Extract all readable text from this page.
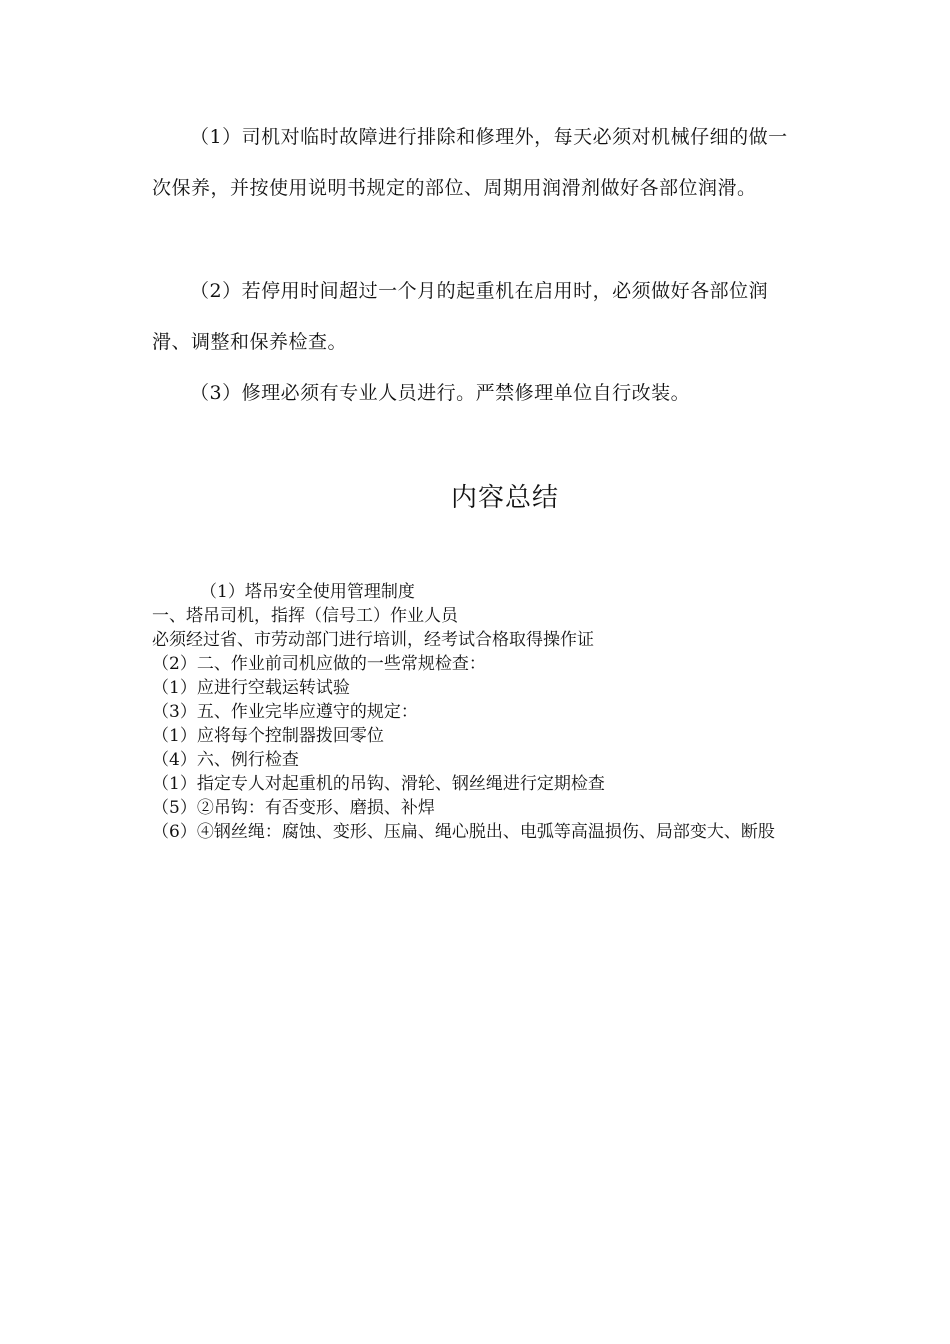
（1）司机对临时故障进行排除和修理外，每天必须对机械仔细的做一次保养，并按使用说明书规定的部位、周期用润滑剂做好各部位润滑。

（2）若停用时间超过一个月的起重机在启用时，必须做好各部位润滑、调整和保养检查。

（3）修理必须有专业人员进行。严禁修理单位自行改装。

内容总结
（1）塔吊安全使用管理制度
一、塔吊司机，指挥（信号工）作业人员
必须经过省、市劳动部门进行培训，经考试合格取得操作证
（2）二、作业前司机应做的一些常规检查：
（1）应进行空载运转试验
（3）五、作业完毕应遵守的规定：
（1）应将每个控制器拨回零位
（4）六、例行检查
（1）指定专人对起重机的吊钩、滑轮、钢丝绳进行定期检查
（5）②吊钩：有否变形、磨损、补焊
（6）④钢丝绳：腐蚀、变形、压扁、绳心脱出、电弧等高温损伤、局部变大、断股
